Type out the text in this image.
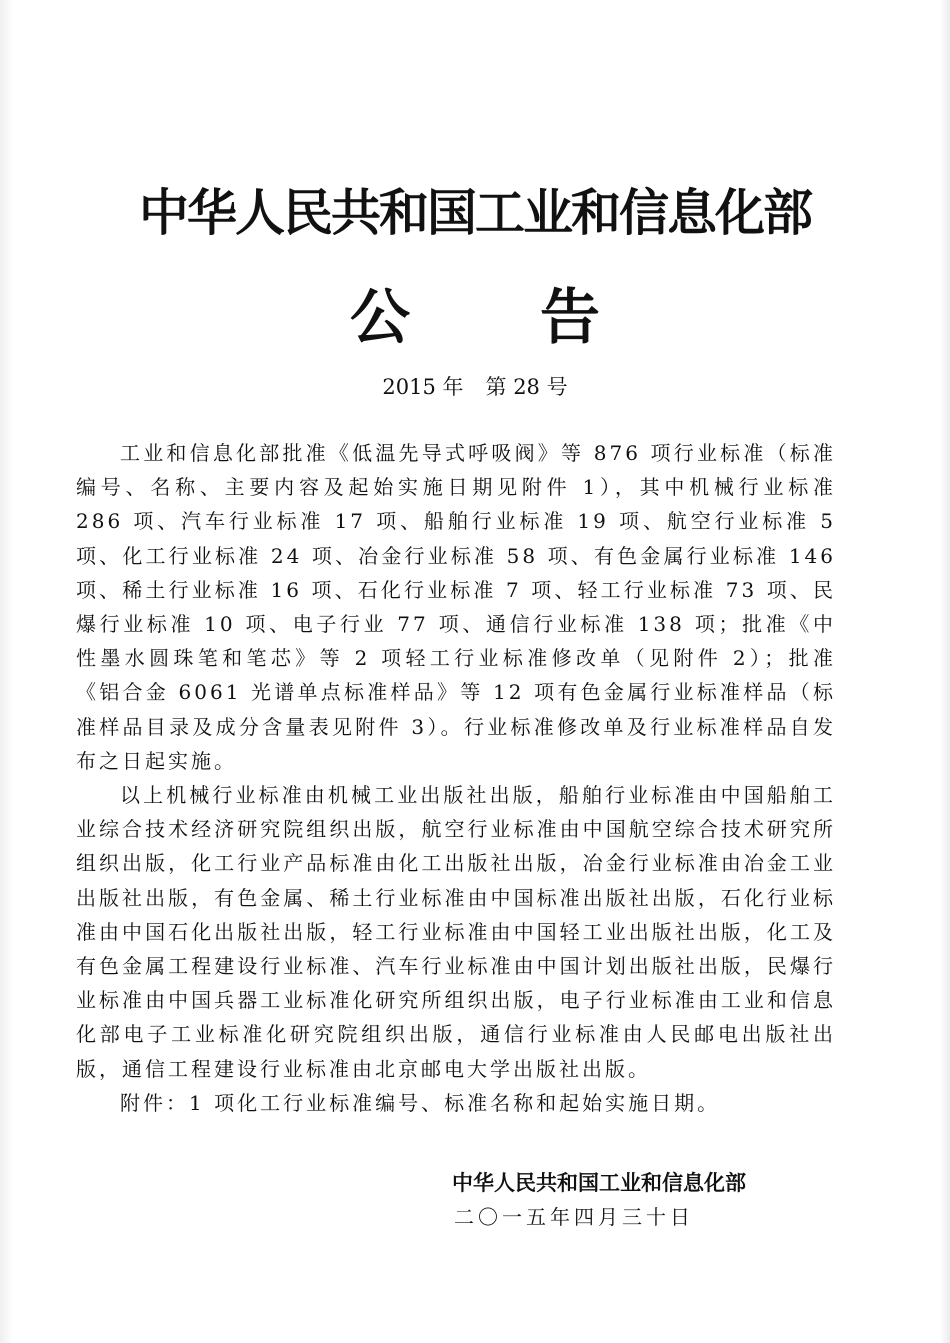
中华人民共和国工业和信息化部
公 告
2015 年 第 28 号

工业和信息化部批准《低温先导式呼吸阀》等 876 项行业标准（标准编号、名称、主要内容及起始实施日期见附件 1），其中机械行业标准 286 项、汽车行业标准 17 项、船舶行业标准 19 项、航空行业标准 5 项、化工行业标准 24 项、冶金行业标准 58 项、有色金属行业标准 146 项、稀土行业标准 16 项、石化行业标准 7 项、轻工行业标准 73 项、民爆行业标准 10 项、电子行业 77 项、通信行业标准 138 项；批准《中性墨水圆珠笔和笔芯》等 2 项轻工行业标准修改单（见附件 2）；批准《铝合金 6061 光谱单点标准样品》等 12 项有色金属行业标准样品（标准样品目录及成分含量表见附件 3）。行业标准修改单及行业标准样品自发布之日起实施。

以上机械行业标准由机械工业出版社出版，船舶行业标准由中国船舶工业综合技术经济研究院组织出版，航空行业标准由中国航空综合技术研究所组织出版，化工行业产品标准由化工出版社出版，冶金行业标准由冶金工业出版社出版，有色金属、稀土行业标准由中国标准出版社出版，石化行业标准由中国石化出版社出版，轻工行业标准由中国轻工业出版社出版，化工及有色金属工程建设行业标准、汽车行业标准由中国计划出版社出版，民爆行业标准由中国兵器工业标准化研究所组织出版，电子行业标准由工业和信息化部电子工业标准化研究院组织出版，通信行业标准由人民邮电出版社出版，通信工程建设行业标准由北京邮电大学出版社出版。

附件：1 项化工行业标准编号、标准名称和起始实施日期。

中华人民共和国工业和信息化部
二〇一五年四月三十日
